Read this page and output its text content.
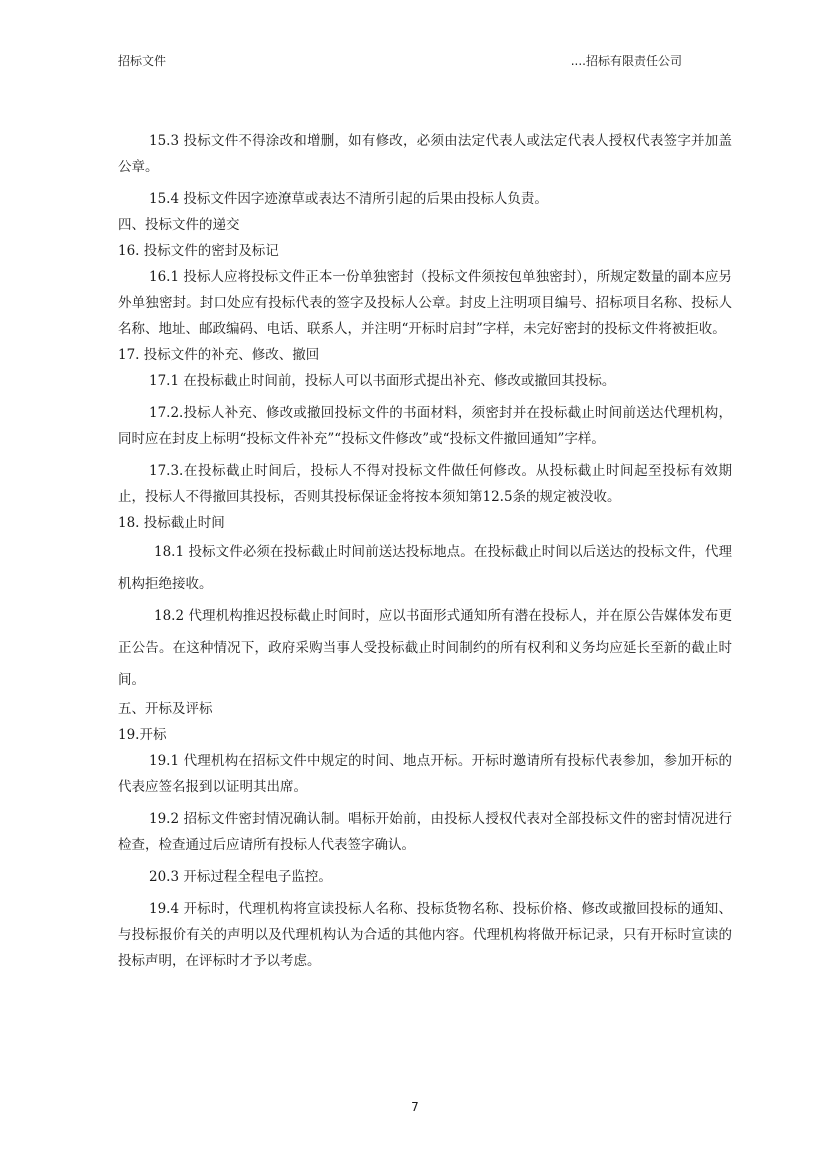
招标文件	....招标有限责任公司

15.3 投标文件不得涂改和增删，如有修改，必须由法定代表人或法定代表人授权代表签字并加盖公章。

15.4 投标文件因字迹潦草或表达不清所引起的后果由投标人负责。

四、投标文件的递交

16. 投标文件的密封及标记

16.1 投标人应将投标文件正本一份单独密封（投标文件须按包单独密封），所规定数量的副本应另外单独密封。封口处应有投标代表的签字及投标人公章。封皮上注明项目编号、招标项目名称、投标人名称、地址、邮政编码、电话、联系人，并注明“开标时启封”字样，未完好密封的投标文件将被拒收。

17. 投标文件的补充、修改、撤回

17.1 在投标截止时间前，投标人可以书面形式提出补充、修改或撤回其投标。

17.2.投标人补充、修改或撤回投标文件的书面材料，须密封并在投标截止时间前送达代理机构，同时应在封皮上标明“投标文件补充”“投标文件修改”或“投标文件撤回通知”字样。

17.3.在投标截止时间后，投标人不得对投标文件做任何修改。从投标截止时间起至投标有效期止，投标人不得撤回其投标，否则其投标保证金将按本须知第12.5条的规定被没收。

18. 投标截止时间

18.1 投标文件必须在投标截止时间前送达投标地点。在投标截止时间以后送达的投标文件，代理机构拒绝接收。

18.2 代理机构推迟投标截止时间时，应以书面形式通知所有潜在投标人，并在原公告媒体发布更正公告。在这种情况下，政府采购当事人受投标截止时间制约的所有权利和义务均应延长至新的截止时间。

五、开标及评标

19.开标

19.1 代理机构在招标文件中规定的时间、地点开标。开标时邀请所有投标代表参加，参加开标的代表应签名报到以证明其出席。

19.2 招标文件密封情况确认制。唱标开始前，由投标人授权代表对全部投标文件的密封情况进行检查，检查通过后应请所有投标人代表签字确认。

20.3 开标过程全程电子监控。

19.4 开标时，代理机构将宣读投标人名称、投标货物名称、投标价格、修改或撤回投标的通知、与投标报价有关的声明以及代理机构认为合适的其他内容。代理机构将做开标记录，只有开标时宣读的投标声明，在评标时才予以考虑。

7
